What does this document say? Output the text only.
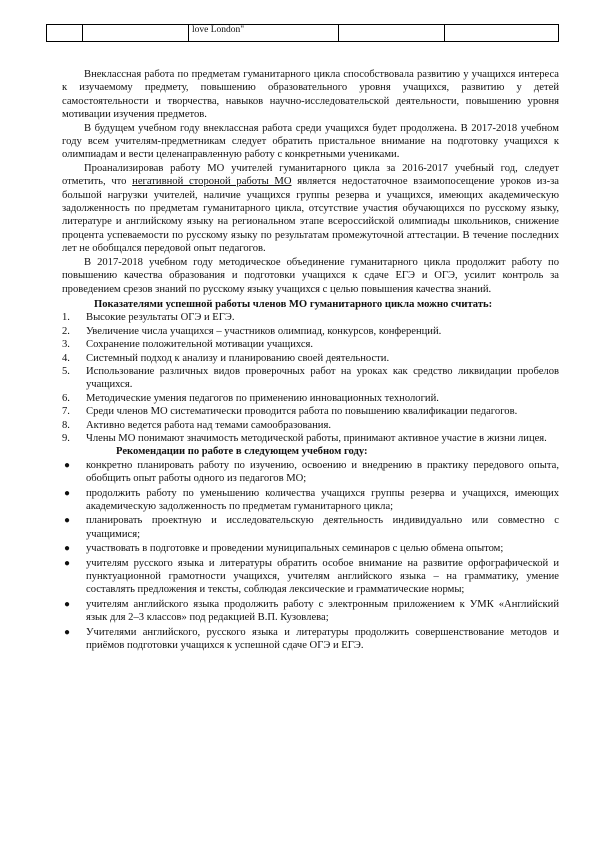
		love London"		

Внеклассная работа по предметам гуманитарного цикла способствовала развитию у учащихся интереса к изучаемому предмету, повышению образовательного уровня учащихся, развитию у детей самостоятельности и творчества, навыков научно-исследовательской деятельности, повышению уровня мотивации изучения предметов.

В будущем учебном году внеклассная работа среди учащихся будет продолжена. В 2017-2018 учебном году всем учителям-предметникам следует обратить пристальное внимание на подготовку учащихся к олимпиадам и вести целенаправленную работу с конкретными учениками.

Проанализировав работу МО учителей гуманитарного цикла за 2016-2017 учебный год, следует отметить, что негативной стороной работы МО является недостаточное взаимопосещение уроков из-за большой нагрузки учителей, наличие учащихся группы резерва и учащихся, имеющих академическую задолженность по предметам гуманитарного цикла, отсутствие участия обучающихся по русскому языку, литературе и английскому языку на региональном этапе всероссийской олимпиады школьников, снижение процента успеваемости по русскому языку по результатам промежуточной аттестации. В течение последних лет не обобщался передовой опыт педагогов.

В 2017-2018 учебном году методическое объединение гуманитарного цикла продолжит работу по повышению качества образования и подготовки учащихся к сдаче ЕГЭ и ОГЭ, усилит контроль за проведением срезов знаний по русскому языку учащихся с целью повышения качества знаний.

Показателями успешной работы членов МО гуманитарного цикла можно считать:

1.	Высокие результаты ОГЭ и ЕГЭ.
2.	Увеличение числа учащихся – участников олимпиад, конкурсов, конференций.
3.	Сохранение положительной мотивации учащихся.
4.	Системный подход к анализу и планированию своей деятельности.
5.	Использование различных видов проверочных работ на уроках как средство ликвидации пробелов учащихся.
6.	Методические умения педагогов по применению инновационных технологий.
7.	Среди членов МО систематически проводится работа по повышению квалификации педагогов.
8.	Активно ведется работа над темами самообразования.
9.	Члены МО понимают значимость методической работы, принимают активное участие в жизни лицея.

Рекомендации по работе в следующем учебном году:

● конкретно планировать работу по изучению, освоению и внедрению в практику передового опыта, обобщить опыт работы одного из педагогов МО;
● продолжить работу по уменьшению количества учащихся группы резерва и учащихся, имеющих академическую задолженность по предметам гуманитарного цикла;
● планировать проектную и исследовательскую деятельность индивидуально или совместно с учащимися;
● участвовать в подготовке и проведении муниципальных семинаров с целью обмена опытом;
● учителям русского языка и литературы обратить особое внимание на развитие орфографической и пунктуационной грамотности учащихся, учителям английского языка – на грамматику, умение составлять предложения и тексты, соблюдая лексические и грамматические нормы;
● учителям английского языка продолжить работу с электронным приложением к УМК «Английский язык для 2–3 классов» под редакцией В.П. Кузовлева;
● Учителями английского, русского языка и литературы продолжить совершенствование методов и приёмов подготовки учащихся к успешной сдаче ОГЭ и ЕГЭ.
